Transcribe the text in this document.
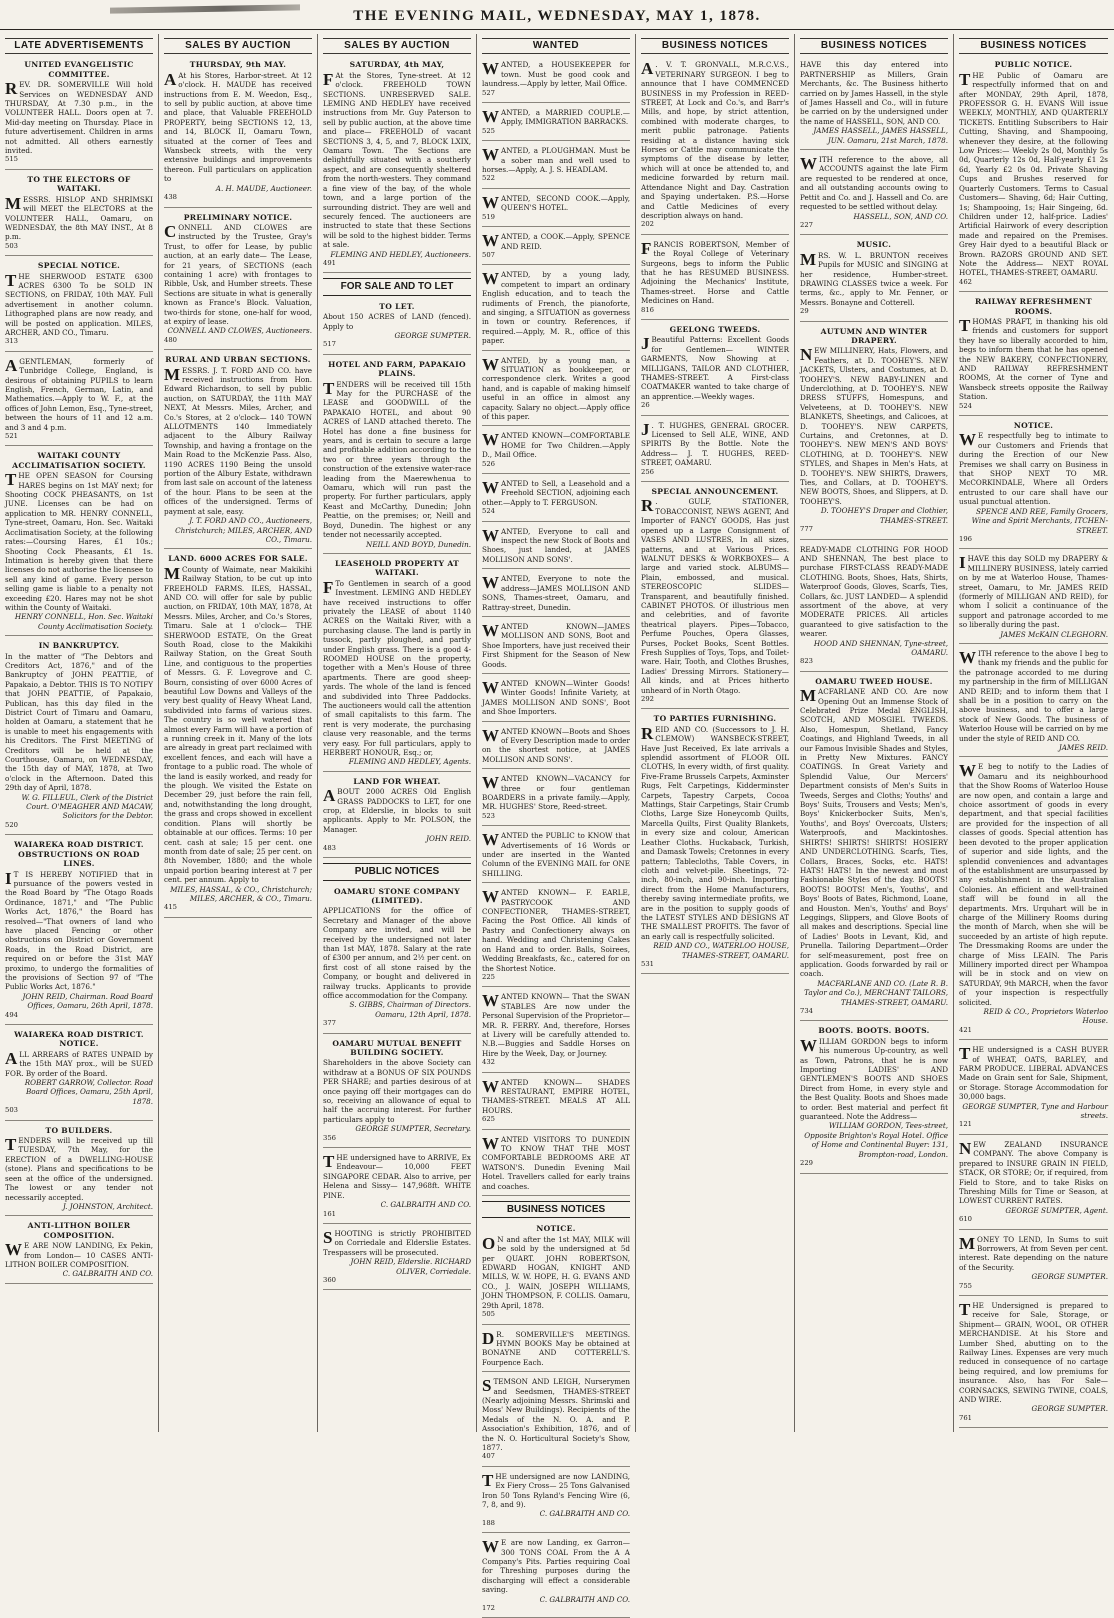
THE EVENING MAIL, WEDNESDAY, MAY 1, 1878.
LATE ADVERTISEMENTS
UNITED EVANGELISTIC COMMITTEE.
REV. DR. SOMERVILLE Will hold Services on WEDNESDAY AND THURSDAY, At 7.30 p.m., in the VOLUNTEER HALL. Doors open at 7. Mid-day meeting on Thursday. Place in future advertisement. Children in arms not admitted. All others earnestly invited.
515
TO THE ELECTORS OF WAITAKI.
MESSRS. HISLOP AND SHRIMSKI will MEET the ELECTORS at the VOLUNTEER HALL, Oamaru, on WEDNESDAY, the 8th MAY INST., At 8 p.m.
503
SPECIAL NOTICE.
THE SHERWOOD ESTATE 6300 ACRES 6300 To be SOLD IN SECTIONS, on FRIDAY, 10th MAY. Full advertisement in another column. Lithographed plans are now ready, and will be posted on application. MILES, ARCHER, AND CO., Timaru.
313
AGENTLEMAN, formerly of Tunbridge College, England, is desirous of obtaining PUPILS to learn English, French, German, Latin, and Mathematics.—Apply to W. F., at the offices of John Lemon, Esq., Tyne-street, between the hours of 11 and 12 a.m. and 3 and 4 p.m.
521
WAITAKI COUNTY ACCLIMATISATION SOCIETY.
THE OPEN SEASON for Coursing HARES begins on 1st MAY next; for Shooting COCK PHEASANTS, on 1st JUNE. Licenses can be had on application to MR. HENRY CONNELL, Tyne-street, Oamaru, Hon. Sec. Waitaki Acclimatisation Society, at the following rates:—Coursing Hares, £1 10s.; Shooting Cock Pheasants, £1 1s. Intimation is hereby given that there licenses do not authorise the licensee to sell any kind of game. Every person selling game is liable to a penalty not exceeding £20. Hares may not be shot within the County of Waitaki.
HENRY CONNELL, Hon. Sec. Waitaki County Acclimatisation Society.
IN BANKRUPTCY.
In the matter of "The Debtors and Creditors Act, 1876," and of the Bankruptcy of JOHN PEATTIE, of Papakaio, a Debtor. THIS IS TO NOTIFY that JOHN PEATTIE, of Papakaio, Publican, has this day filed in the District Court of Timaru and Oamaru, holden at Oamaru, a statement that he is unable to meet his engagements with his Creditors. The First MEETING of Creditors will be held at the Courthouse, Oamaru, on WEDNESDAY, the 15th day of MAY, 1878, at Two o'clock in the Afternoon. Dated this 29th day of April, 1878.
W. G. FILLEUL, Clerk of the District Court. O'MEAGHER AND MACAW, Solicitors for the Debtor.
520
WAIAREKA ROAD DISTRICT. OBSTRUCTIONS ON ROAD LINES.
I T IS HEREBY NOTIFIED that in pursuance of the powers vested in the Road Board by "The Otago Roads Ordinance, 1871," and "The Public Works Act, 1876," the Board has resolved—"That owners of land who have placed Fencing or other obstructions on District or Government Roads, in the Road District, are required on or before the 31st MAY proximo, to undergo the formalities of the provisions of Section 97 of "The Public Works Act, 1876."
JOHN REID, Chairman. Road Board Offices, Oamaru, 26th April, 1878.
494
WAIAREKA ROAD DISTRICT. NOTICE.
ALL ARREARS of RATES UNPAID by the 15th MAY prox., will be SUED FOR. By order of the Board.
ROBERT GARROW, Collector. Road Board Offices, Oamaru, 25th April, 1878.
503
TO BUILDERS.
TENDERS will be received up till TUESDAY, 7th May, for the ERECTION of a DWELLING-HOUSE (stone). Plans and specifications to be seen at the office of the undersigned. The lowest or any tender not necessarily accepted.
J. JOHNSTON, Architect.
ANTI-LITHON BOILER COMPOSITION.
W E ARE NOW LANDING, Ex Pekin, from London— 10 CASES ANTI-LITHON BOILER COMPOSITION.
C. GALBRAITH AND CO.
SALES BY AUCTION
THURSDAY, 9th MAY.
A At his Stores, Harbor-street. At 12 o'clock. H. MAUDE has received instructions from E. M. Weedon, Esq., to sell by public auction, at above time and place, that Valuable FREEHOLD PROPERTY, being SECTIONS 12, 13, and 14, BLOCK II, Oamaru Town, situated at the corner of Tees and Wansbeck streets, with the very extensive buildings and improvements thereon. Full particulars on application to
A. H. MAUDE, Auctioneer.
438
PRELIMINARY NOTICE.
CONNELL AND CLOWES are instructed by the Trustee, Gray's Trust, to offer for Lease, by public auction, at an early date— The Lease, for 21 years, of SECTIONS (each containing 1 acre) with frontages to Ribble, Usk, and Humber streets. These Sections are situate in what is generally known as France's Block. Valuation, two-thirds for stone, one-half for wood, at expiry of lease.
CONNELL AND CLOWES, Auctioneers.
480
RURAL AND URBAN SECTIONS.
MESSRS. J. T. FORD AND CO. have received instructions from Hon. Edward Richardson, to sell by public auction, on SATURDAY, the 11th MAY NEXT, At Messrs. Miles, Archer, and Co.'s Stores, at 2 o'clock— 140 TOWN ALLOTMENTS 140 Immediately adjacent to the Albury Railway Township, and having a frontage on the Main Road to the McKenzie Pass. Also, 1190 ACRES 1190 Being the unsold portion of the Albury Estate, withdrawn from last sale on account of the lateness of the hour. Plans to be seen at the offices of the undersigned. Terms of payment at sale, easy.
J. T. FORD AND CO., Auctioneers, Christchurch; MILES, ARCHER, AND CO., Timaru.
LAND. 6000 ACRES FOR SALE.
M County of Waimate, near Makikihi Railway Station, to be cut up into FREEHOLD FARMS. ILES, HASSAL, AND CO. will offer for sale by public auction, on FRIDAY, 10th MAY, 1878, At Messrs. Miles, Archer, and Co.'s Stores, Timaru. Sale at 1 o'clock— THE SHERWOOD ESTATE, On the Great South Road, close to the Makikihi Railway Station, on the Great South Line, and contiguous to the properties of Messrs. G. F. Lovegrove and C. Bourn, consisting of over 6000 Acres of beautiful Low Downs and Valleys of the very best quality of Heavy Wheat Land, subdivided into farms of various sizes. The country is so well watered that almost every Farm will have a portion of a running creek in it. Many of the lots are already in great part reclaimed with excellent fences, and each will have a frontage to a public road. The whole of the land is easily worked, and ready for the plough. We visited the Estate on December 29, just before the rain fell, and, notwithstanding the long drought, the grass and crops showed in excellent condition. Plans will shortly be obtainable at our offices. Terms: 10 per cent. cash at sale; 15 per cent. one month from date of sale; 25 per cent. on 8th November, 1880; and the whole unpaid portion bearing interest at 7 per cent. per annum. Apply to
MILES, HASSAL, & CO., Christchurch; MILES, ARCHER, & CO., Timaru.
415
SALES BY AUCTION
SATURDAY, 4th MAY,
F At the Stores, Tyne-street. At 12 o'clock. FREEHOLD TOWN SECTIONS. UNRESERVED SALE. LEMING AND HEDLEY have received instructions from Mr. Guy Paterson to sell by public auction, at the above time and place— FREEHOLD of vacant SECTIONS 3, 4, 5, and 7, BLOCK LXIX, Oamaru Town. The Sections are delightfully situated with a southerly aspect, and are consequently sheltered from the north-westers. They command a fine view of the bay, of the whole town, and a large portion of the surrounding district. They are well and securely fenced. The auctioneers are instructed to state that these Sections will be sold to the highest bidder. Terms at sale.
FLEMING AND HEDLEY, Auctioneers.
491
FOR SALE AND TO LET
TO LET.
About 150 ACRES of LAND (fenced). Apply to
GEORGE SUMPTER.
517
HOTEL AND FARM, PAPAKAIO PLAINS.
TENDERS will be received till 15th May for the PURCHASE of the LEASE and GOODWILL of the PAPAKAIO HOTEL, and about 90 ACRES of LAND attached thereto. The Hotel has done a fine business for years, and is certain to secure a large and profitable addition according to the two or three years through the construction of the extensive water-race leading from the Maerewhenua to Oamaru, which will run past the property. For further particulars, apply Keast and McCarthy, Dunedin; John Peattie, on the premises; or, Neill and Boyd, Dunedin. The highest or any tender not necessarily accepted.
NEILL AND BOYD, Dunedin.
LEASEHOLD PROPERTY AT WAITAKI.
F To Gentlemen in search of a good Investment. LEMING AND HEDLEY have received instructions to offer privately the LEASE of about 1140 ACRES on the Waitaki River, with a purchasing clause. The land is partly in tussock, partly ploughed, and partly under English grass. There is a good 4-ROOMED HOUSE on the property, together with a Men's House of three apartments. There are good sheep-yards. The whole of the land is fenced and subdivided into Three Paddocks. The auctioneers would call the attention of small capitalists to this farm. The rent is very moderate, the purchasing clause very reasonable, and the terms very easy. For full particulars, apply to HERBERT HONOUR, Esq.; or,
FLEMING AND HEDLEY, Agents.
LAND FOR WHEAT.
ABOUT 2000 ACRES Old English GRASS PADDOCKS to LET, for one crop, at Elderslie, in blocks to suit applicants. Apply to Mr. POLSON, the Manager.
JOHN REID.
483
PUBLIC NOTICES
OAMARU STONE COMPANY (LIMITED).
APPLICATIONS for the office of Secretary and Manager of the above Company are invited, and will be received by the undersigned not later than 1st MAY, 1878. Salary at the rate of £300 per annum, and 2½ per cent. on first cost of all stone raised by the Company, or bought and delivered in railway trucks. Applicants to provide office accommodation for the Company.
S. GIBBS, Chairman of Directors. Oamaru, 12th April, 1878.
377
OAMARU MUTUAL BENEFIT BUILDING SOCIETY.
Shareholders in the above Society can withdraw at a BONUS OF SIX POUNDS PER SHARE; and parties desirous of at once paying off their mortgages can do so, receiving an allowance of equal to half the accruing interest. For further particulars apply to
GEORGE SUMPTER, Secretary.
356
THE undersigned have to ARRIVE, Ex Endeavour— 10,000 FEET SINGAPORE CEDAR. Also to arrive, per Helena and Sissy— 147,968ft. WHITE PINE.
C. GALBRAITH AND CO.
161
SHOOTING is strictly PROHIBITED on Corriedale and Elderslie Estates. Trespassers will be prosecuted.
JOHN REID, Elderslie. RICHARD OLIVER, Corriedale.
360
WANTED
WANTED, a HOUSEKEEPER for town. Must be good cook and laundress.—Apply by letter, Mail Office.
527
WANTED, a MARRIED COUPLE.—Apply, IMMIGRATION BARRACKS.
525
WANTED, a PLOUGHMAN. Must be a sober man and well used to horses.—Apply, A. J. S. HEADLAM.
522
WANTED, SECOND COOK.—Apply, QUEEN'S HOTEL.
519
WANTED, a COOK.—Apply, SPENCE AND REID.
507
WANTED, by a young lady, competent to impart an ordinary English education, and to teach the rudiments of French, the pianoforte, and singing, a SITUATION as governess in town or country. References, if required.—Apply, M. R., office of this paper.
WANTED, by a young man, a SITUATION as bookkeeper, or correspondence clerk. Writes a good hand, and is capable of making himself useful in an office in almost any capacity. Salary no object.—Apply office of this paper.
WANTED KNOWN—COMFORTABLE HOME for Two Children.—Apply D., Mail Office.
526
WANTED to Sell, a Leasehold and a Freehold SECTION, adjoining each other.—Apply to T. FERGUSON.
524
WANTED, Everyone to call and inspect the new Stock of Boots and Shoes, just landed, at JAMES MOLLISON AND SONS'.
WANTED, Everyone to note the address—JAMES MOLLISON AND SONS, Thames-street, Oamaru, and Rattray-street, Dunedin.
WANTED KNOWN—JAMES MOLLISON AND SONS, Boot and Shoe Importers, have just received their First Shipment for the Season of New Goods.
WANTED KNOWN—Winter Goods! Winter Goods! Infinite Variety, at JAMES MOLLISON AND SONS', Boot and Shoe Importers.
WANTED KNOWN—Boots and Shoes of Every Description made to order on the shortest notice, at JAMES MOLLISON AND SONS'.
WANTED KNOWN—VACANCY for three or four gentleman BOARDERS in a private family.—Apply, MR. HUGHES' Store, Reed-street.
523
WANTED the PUBLIC to KNOW that Advertisements of 16 Words or under are inserted in the Wanted Column of the EVENING MAIL for ONE SHILLING.
WANTED KNOWN— F. EARLE, PASTRYCOOK AND CONFECTIONER, THAMES-STREET, Facing the Post Office. All kinds of Pastry and Confectionery always on hand. Wedding and Christening Cakes on Hand and to order. Balls, Soirees, Wedding Breakfasts, &c., catered for on the Shortest Notice.
225
WANTED KNOWN— That the SWAN STABLES Are now under the Personal Supervision of the Proprietor— MR. R. FERRY. And, therefore, Horses at Livery will be carefully attended to. N.B.—Buggies and Saddle Horses on Hire by the Week, Day, or Journey.
432
WANTED KNOWN— SHADES RESTAURANT, EMPIRE HOTEL, THAMES-STREET. MEALS AT ALL HOURS.
625
WANTED VISITORS TO DUNEDIN TO KNOW THAT THE MOST COMFORTABLE BEDROOMS ARE AT WATSON'S. Dunedin Evening Mail Hotel. Travellers called for early trains and coaches.
BUSINESS NOTICES
NOTICE.
O N and after the 1st MAY, MILK will be sold by the undersigned at 5d per QUART. JOHN ROBERTSON, EDWARD HOGAN, KNIGHT AND MILLS, W. W. HOPE, H. G. EVANS AND CO., J. WAIN, JOSEPH WILLIAMS, JOHN THOMPSON, F. COLLIS. Oamaru, 29th April, 1878.
505
D R. SOMERVILLE'S MEETINGS. HYMN BOOKS May be obtained at BONAYNE AND COTTERELL'S. Fourpence Each.
STEMSON AND LEIGH, Nurserymen and Seedsmen, THAMES-STREET (Nearly adjoining Messrs. Shrimski and Moss' New Buildings). Recipients of the Medals of the N. O. A. and P. Association's Exhibition, 1876, and of the N. O. Horticultural Society's Show, 1877.
407
THE undersigned are now LANDING, Ex Fiery Cross— 25 Tons Galvanised Iron 50 Tons Ryland's Fencing Wire (6, 7, 8, and 9).
C. GALBRAITH AND CO.
188
W E are now Landing, ex Garron— 300 TONS COAL From the A A Company's Pits. Parties requiring Coal for Threshing purposes during the discharging will effect a considerable saving.
C. GALBRAITH AND CO.
172
BUSINESS NOTICES
A . V. T. GRONVALL, M.R.C.V.S., VETERINARY SURGEON. I beg to announce that I have COMMENCED BUSINESS in my Profession in REED-STREET, At Lock and Co.'s, and Barr's Mills, and hope, by strict attention, combined with moderate charges, to merit public patronage. Patients residing at a distance having sick Horses or Cattle may communicate the symptoms of the disease by letter, which will at once be attended to, and medicine forwarded by return mail. Attendance Night and Day. Castration and Spaying undertaken. P.S.—Horse and Cattle Medicines of every description always on hand.
202
FRANCIS ROBERTSON, Member of the Royal College of Veterinary Surgeons, begs to inform the Public that he has RESUMED BUSINESS. Adjoining the Mechanics' Institute, Thames-street. Horse and Cattle Medicines on Hand.
816
GEELONG TWEEDS.
J Beautiful Patterns: Excellent Goods for Gentlemen— WINTER GARMENTS, Now Showing at . MILLIGANS, TAILOR AND CLOTHIER, THAMES-STREET. A First-class COATMAKER wanted to take charge of an apprentice.—Weekly wages.
26
J . T. HUGHES, GENERAL GROCER. Licensed to Sell ALE, WINE, AND SPIRITS By the Bottle. Note the Address— J. T. HUGHES, REED-STREET, OAMARU.
256
SPECIAL ANNOUNCEMENT.
R . GULF, STATIONER, TOBACCONIST, NEWS AGENT, And Importer of FANCY GOODS, Has just opened up a Large Consignment of VASES AND LUSTRES, In all sizes, patterns, and at Various Prices. WALNUT DESKS & WORKBOXES— A large and varied stock. ALBUMS— Plain, embossed, and musical. STEREOSCOPIC SLIDES— Transparent, and beautifully finished. CABINET PHOTOS. Of illustrious men and celebrities, and of favorite theatrical players. Pipes—Tobacco, Perfume Pouches, Opera Glasses, Purses, Pocket Books, Scent Bottles. Fresh Supplies of Toys, Tops, and Toilet-ware. Hair, Tooth, and Clothes Brushes, Ladies' Dressing Mirrors. Stationery—All kinds, and at Prices hitherto unheard of in North Otago.
292
TO PARTIES FURNISHING.
REID AND CO. (Successors to J. H. CLEMOW) WANSBECK-STREET, Have Just Received, Ex late arrivals a splendid assortment of FLOOR OIL CLOTHS, In every width, of first quality. Five-Frame Brussels Carpets, Axminster Rugs, Felt Carpetings, Kidderminster Carpets, Tapestry Carpets, Cocoa Mattings, Stair Carpetings, Stair Crumb Cloths, Large Size Honeycomb Quilts, Marcella Quilts, First Quality Blankets, in every size and colour, American Leather Cloths. Huckaback, Turkish, and Damask Towels; Cretonnes in every pattern; Tablecloths, Table Covers, in cloth and velvet-pile. Sheetings, 72-inch, 80-inch, and 90-inch. Importing direct from the Home Manufacturers, thereby saving intermediate profits, we are in the position to supply goods of the LATEST STYLES AND DESIGNS AT THE SMALLEST PROFITS. The favor of an early call is respectfully solicited.
REID AND CO., WATERLOO HOUSE, THAMES-STREET, OAMARU.
531
BUSINESS NOTICES
HAVE this day entered into PARTNERSHIP as Millers, Grain Merchants, &c. The Business hitherto carried on by James Hassell, in the style of James Hassell and Co., will in future be carried on by the undersigned under the name of HASSELL, SON, AND CO.
JAMES HASSELL, JAMES HASSELL, JUN. Oamaru, 21st March, 1878.
WITH reference to the above, all ACCOUNTS against the late Firm are requested to be rendered at once, and all outstanding accounts owing to Pettit and Co. and J. Hassell and Co. are requested to be settled without delay.
HASSELL, SON, AND CO.
227
MUSIC.
MRS. W. L. BRUNTON receives Pupils for MUSIC and SINGING at her residence, Humber-street. DRAWING CLASSES twice a week. For terms, &c., apply to Mr. Fenner, or Messrs. Bonayne and Cotterell.
29
AUTUMN AND WINTER DRAPERY.
NEW MILLINERY, Hats, Flowers, and Feathers, at D. TOOHEY'S. NEW JACKETS, Ulsters, and Costumes, at D. TOOHEY'S. NEW BABY-LINEN and Underclothing, at D. TOOHEY'S. NEW DRESS STUFFS, Homespuns, and Velveteens, at D. TOOHEY'S. NEW BLANKETS, Sheetings, and Calicoes, at D. TOOHEY'S. NEW CARPETS, Curtains, and Cretonnes, at D. TOOHEY'S. NEW MEN'S AND BOYS' CLOTHING, at D. TOOHEY'S. NEW STYLES, and Shapes in Men's Hats, at D. TOOHEY'S. NEW SHIRTS, Drawers, Ties, and Collars, at D. TOOHEY'S. NEW BOOTS, Shoes, and Slippers, at D. TOOHEY'S.
D. TOOHEY'S Draper and Clothier, THAMES-STREET.
777
READY-MADE CLOTHING FOR HOOD AND SHENNAN, The best place to purchase FIRST-CLASS READY-MADE CLOTHING. Boots, Shoes, Hats, Shirts, Waterproof Goods, Gloves, Scarfs, Ties, Collars, &c. JUST LANDED— A splendid assortment of the above, at very MODERATE PRICES. All articles guaranteed to give satisfaction to the wearer.
HOOD AND SHENNAN, Tyne-street, OAMARU.
823
OAMARU TWEED HOUSE.
MACFARLANE AND CO. Are now Opening Out an Immense Stock of Celebrated Prize Medal ENGLISH, SCOTCH, AND MOSGIEL TWEEDS. Also, Homespun, Shetland, Fancy Coatings, and Highland Tweeds, in all our Famous Invisible Shades and Styles, in Pretty New Mixtures. FANCY COATINGS. In Great Variety and Splendid Value, Our Mercers' Department consists of Men's Suits in Tweeds, Serges and Cloths; Youths' and Boys' Suits, Trousers and Vests; Men's, Boys' Knickerbocker Suits, Men's, Youths', and Boys' Overcoats, Ulsters; Waterproofs, and Mackintoshes. SHIRTS! SHIRTS! SHIRTS! HOSIERY AND UNDERCLOTHING. Scarfs, Ties, Collars, Braces, Socks, etc. HATS! HATS! HATS! In the newest and most Fashionable Styles of the day. BOOTS! BOOTS! BOOTS! Men's, Youths', and Boys' Boots of Bates, Richmond, Loane, and Houston. Men's, Youths' and Boys' Leggings, Slippers, and Glove Boots of all makes and descriptions. Special line of Ladies' Boots in Levant, Kid, and Prunella. Tailoring Department—Order for self-measurement, post free on application. Goods forwarded by rail or coach.
MACFARLANE AND CO. (Late R. B. Taylor and Co.), MERCHANT TAILORS, THAMES-STREET, OAMARU.
734
BOOTS. BOOTS. BOOTS.
WILLIAM GORDON begs to inform his numerous Up-country, as well as Town, Patrons, that he is now Importing LADIES' AND GENTLEMEN'S BOOTS AND SHOES Direct from Home, in every style and the Best Quality. Boots and Shoes made to order. Best material and perfect fit guaranteed. Note the Address—
WILLIAM GORDON, Tees-street, Opposite Brighton's Royal Hotel. Office of Home and Continental Buyer: 131, Brompton-road, London.
229
BUSINESS NOTICES
PUBLIC NOTICE.
THE Public of Oamaru are respectfully informed that on and after MONDAY, 29th April, 1878, PROFESSOR G. H. EVANS Will issue WEEKLY, MONTHLY, AND QUARTERLY TICKETS. Entitling Subscribers to Hair Cutting, Shaving, and Shampooing, whenever they desire, at the following Low Prices:— Weekly 2s 0d, Monthly 5s 0d, Quarterly 12s 0d, Half-yearly £1 2s 6d, Yearly £2 0s 0d. Private Shaving Cups and Brushes reserved for Quarterly Customers. Terms to Casual Customers— Shaving, 6d; Hair Cutting, 1s; Shampooing, 1s; Hair Singeing, 6d. Children under 12, half-price. Ladies' Artificial Hairwork of every description made and repaired on the Premises. Grey Hair dyed to a beautiful Black or Brown. RAZORS GROUND AND SET. Note the Address— NEXT ROYAL HOTEL, THAMES-STREET, OAMARU.
462
RAILWAY REFRESHMENT ROOMS.
THOMAS PRAFT, in thanking his old friends and customers for support they have so liberally accorded to him, begs to inform them that he has opened the NEW BAKERY, CONFECTIONERY, AND RAILWAY REFRESHMENT ROOMS, At the corner of Tyne and Wansbeck streets opposite the Railway Station.
524
NOTICE.
W E respectfully beg to intimate to our Customers and Friends that during the Erection of our New Premises we shall carry on Business in that SHOP NEXT TO MR. McCORKINDALE, Where all Orders entrusted to our care shall have our usual punctual attention.
SPENCE AND REE, Family Grocers, Wine and Spirit Merchants, ITCHEN-STREET.
196
IHAVE this day SOLD my DRAPERY & MILLINERY BUSINESS, lately carried on by me at Waterloo House, Thames-street, Oamaru, to Mr. JAMES REID (formerly of MILLIGAN AND REID), for whom I solicit a continuance of the support and patronage accorded to me so liberally during the past.
JAMES McKAIN CLEGHORN.
WITH reference to the above I beg to thank my friends and the public for the patronage accorded to me during my partnership in the firm of MILLIGAN AND REID; and to inform them that I shall be in a position to carry on the above business, and to offer a large stock of New Goods. The business of Waterloo House will be carried on by me under the style of REID AND CO.
JAMES REID.
W E beg to notify to the Ladies of Oamaru and its neighbourhood that the Show Rooms of Waterloo House are now open, and contain a large and choice assortment of goods in every department, and that special facilities are provided for the inspection of all classes of goods. Special attention has been devoted to the proper application of superior and side lights, and the splendid conveniences and advantages of the establishment are unsurpassed by any establishment in the Australian Colonies. An efficient and well-trained staff will be found in all the departments. Mrs. Urquhart will be in charge of the Millinery Rooms during the month of March, when she will be succeeded by an artiste of high repute. The Dressmaking Rooms are under the charge of Miss LEAIN. The Paris Millinery imported direct per Whampoa will be in stock and on view on SATURDAY, 9th MARCH, when the favor of your inspection is respectfully solicited.
REID & CO., Proprietors Waterloo House.
421
THE undersigned is a CASH BUYER of WHEAT, OATS, BARLEY, and FARM PRODUCE. LIBERAL ADVANCES Made on Grain sent for Sale, Shipment, or Storage. Storage Accommodation for 30,000 bags.
GEORGE SUMPTER, Tyne and Harbour streets.
121
NEW ZEALAND INSURANCE COMPANY. The above Company is prepared to INSURE GRAIN IN FIELD, STACK, OR STORE; Or, if required, from Field to Store, and to take Risks on Threshing Mills for Time or Season, at LOWEST CURRENT RATES.
GEORGE SUMPTER, Agent.
610
MONEY TO LEND, In Sums to suit Borrowers, At from Seven per cent. interest. Rate depending on the nature of the Security.
GEORGE SUMPTER.
755
THE Undersigned is prepared to receive for Sale, Storage, or Shipment— GRAIN, WOOL, OR OTHER MERCHANDISE. At his Store and Lumber Shed, abutting on to the Railway Lines. Expenses are very much reduced in consequence of no cartage being required, and low premiums for insurance. Also, has For Sale— CORNSACKS, SEWING TWINE, COALS, AND WIRE.
GEORGE SUMPTER.
761
